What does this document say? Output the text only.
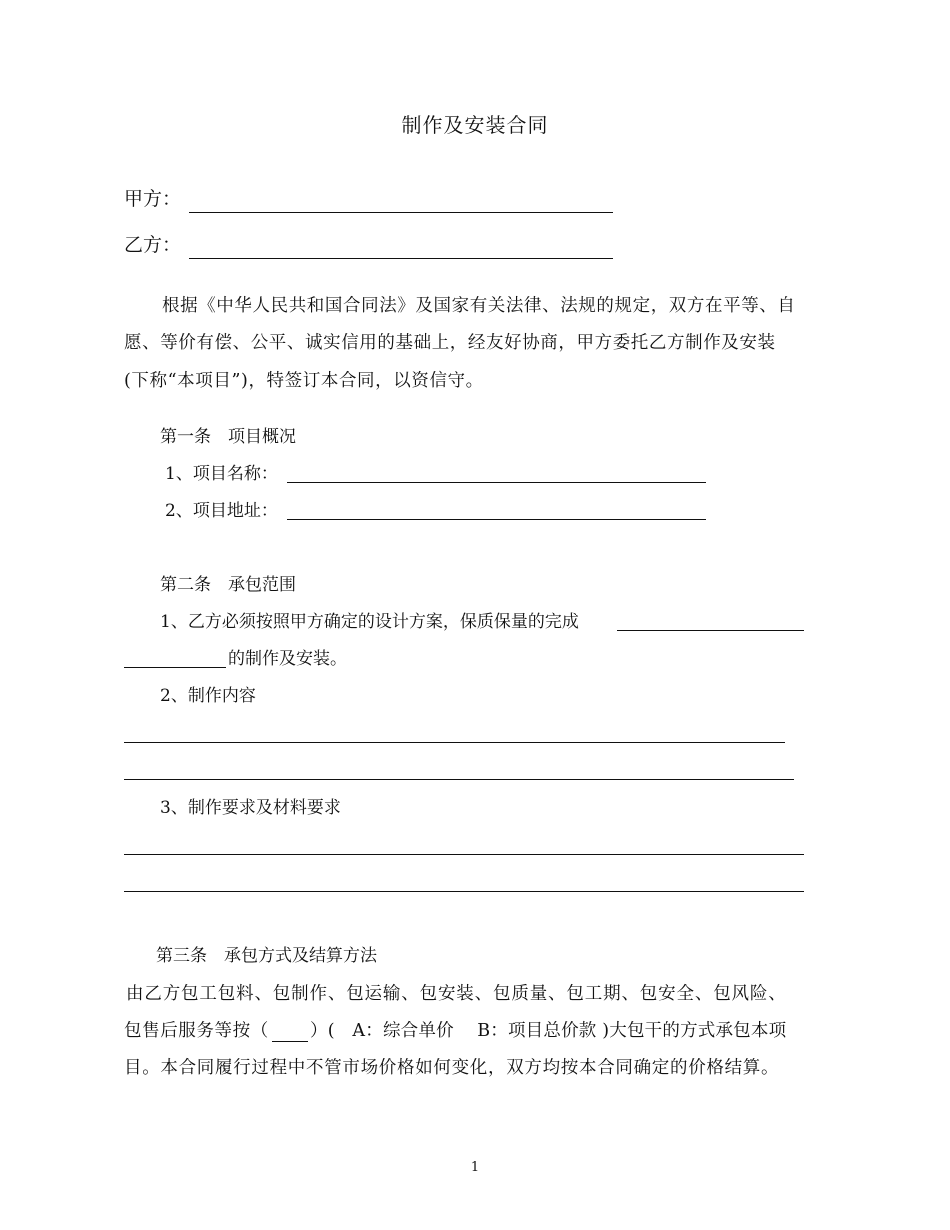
制作及安装合同
甲方：
乙方：
根据《中华人民共和国合同法》及国家有关法律、法规的规定，双方在平等、自
愿、等价有偿、公平、诚实信用的基础上，经友好协商，甲方委托乙方制作及安装
(下称“本项目”)，特签订本合同，以资信守。
第一条　项目概况
1、项目名称：
2、项目地址：
第二条　承包范围
1、乙方必须按照甲方确定的设计方案，保质保量的完成
的制作及安装。
2、制作内容
3、制作要求及材料要求
第三条　承包方式及结算方法
由乙方包工包料、包制作、包运输、包安装、包质量、包工期、包安全、包风险、
包售后服务等按（ ）(　A：综合单价　 B：项目总价款 )大包干的方式承包本项
目。本合同履行过程中不管市场价格如何变化，双方均按本合同确定的价格结算。
1
